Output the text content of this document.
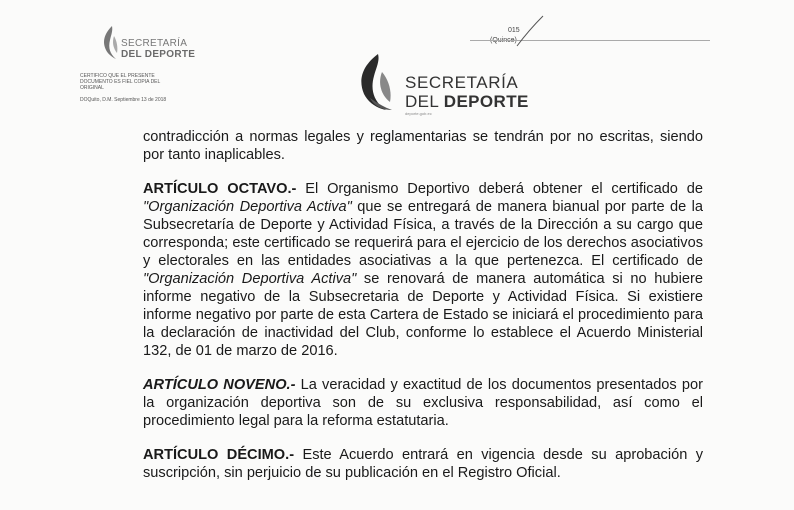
SECRETARÍA
DEL DEPORTE
CERTIFICO QUE EL PRESENTE
DOCUMENTO ES FIEL COPIA DEL
ORIGINAL
DOQuito, D.M. Septiembre 13 de 2018
015
(Quince)
SECRETARÍA
DEL DEPORTE
deporte.gob.ec

contradicción a normas legales y reglamentarias se tendrán por no escritas, siendo por tanto inaplicables.

ARTÍCULO OCTAVO.- El Organismo Deportivo deberá obtener el certificado de "Organización Deportiva Activa" que se entregará de manera bianual por parte de la Subsecretaría de Deporte y Actividad Física, a través de la Dirección a su cargo que corresponda; este certificado se requerirá para el ejercicio de los derechos asociativos y electorales en las entidades asociativas a la que pertenezca. El certificado de "Organización Deportiva Activa" se renovará de manera automática si no hubiere informe negativo de la Subsecretaria de Deporte y Actividad Física. Si existiere informe negativo por parte de esta Cartera de Estado se iniciará el procedimiento para la declaración de inactividad del Club, conforme lo establece el Acuerdo Ministerial 132, de 01 de marzo de 2016.

ARTÍCULO NOVENO.- La veracidad y exactitud de los documentos presentados por la organización deportiva son de su exclusiva responsabilidad, así como el procedimiento legal para la reforma estatutaria.

ARTÍCULO DÉCIMO.- Este Acuerdo entrará en vigencia desde su aprobación y suscripción, sin perjuicio de su publicación en el Registro Oficial.
